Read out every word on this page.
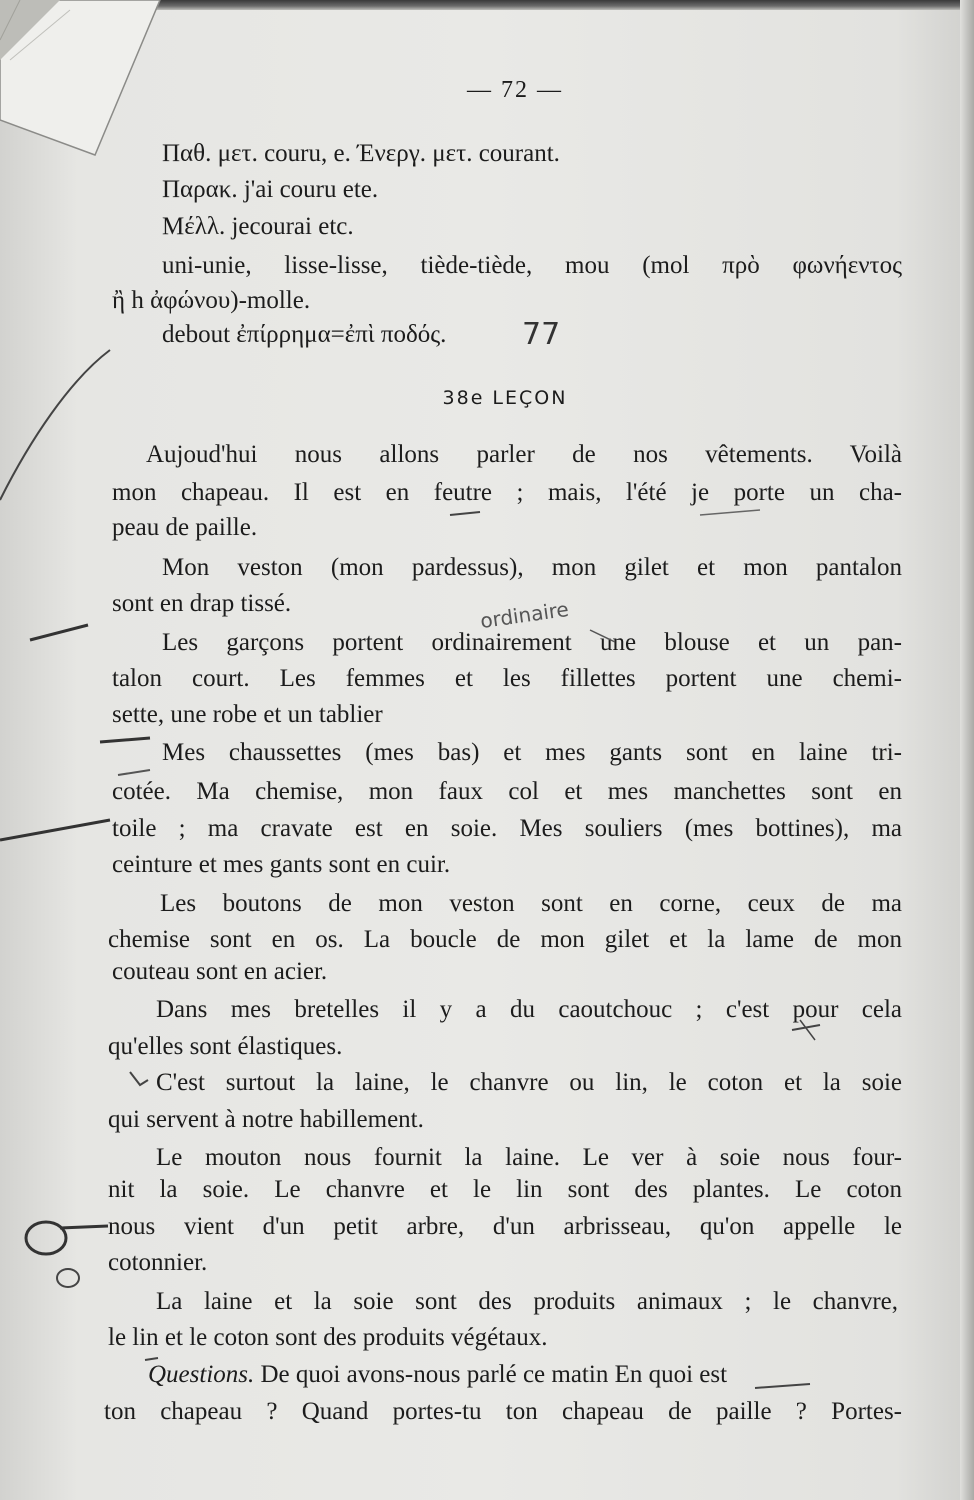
— 72 —
Παθ. μετ. couru, e. Ένεργ. μετ. courant.
Παρακ. j'ai couru ete.
Μέλλ. jecourai etc.
uni-unie, lisse-lisse, tiède-tiède, mou (mol πρὸ φωνήεντος
ἢ h ἀφώνου)-molle.
debout ἐπίρρημα=ἐπὶ ποδός.	77
38e LEÇON
Aujoud'hui nous allons parler de nos vêtements. Voilà
mon chapeau. Il est en feutre ; mais, l'été je porte un cha-
peau de paille.
Mon veston (mon pardessus), mon gilet et mon pantalon
sont en drap tissé.	ordinaire
Les garçons portent ordinairement une blouse et un pan-
talon court. Les femmes et les fillettes portent une chemi-
sette, une robe et un tablier
Mes chaussettes (mes bas) et mes gants sont en laine tri-
cotée. Ma chemise, mon faux col et mes manchettes sont en
toile ; ma cravate est en soie. Mes souliers (mes bottines), ma
ceinture et mes gants sont en cuir.
Les boutons de mon veston sont en corne, ceux de ma
chemise sont en os. La boucle de mon gilet et la lame de mon
couteau sont en acier.
Dans mes bretelles il y a du caoutchouc ; c'est pour cela
qu'elles sont élastiques.
C'est surtout la laine, le chanvre ou lin, le coton et la soie
qui servent à notre habillement.
Le mouton nous fournit la laine. Le ver à soie nous four-
nit la soie. Le chanvre et le lin sont des plantes. Le coton
nous vient d'un petit arbre, d'un arbrisseau, qu'on appelle le
cotonnier.
La laine et la soie sont des produits animaux ; le chanvre,
le lin et le coton sont des produits végétaux.
Questions. De quoi avons-nous parlé ce matin En quoi est
ton chapeau ? Quand portes-tu ton chapeau de paille ? Portes-
